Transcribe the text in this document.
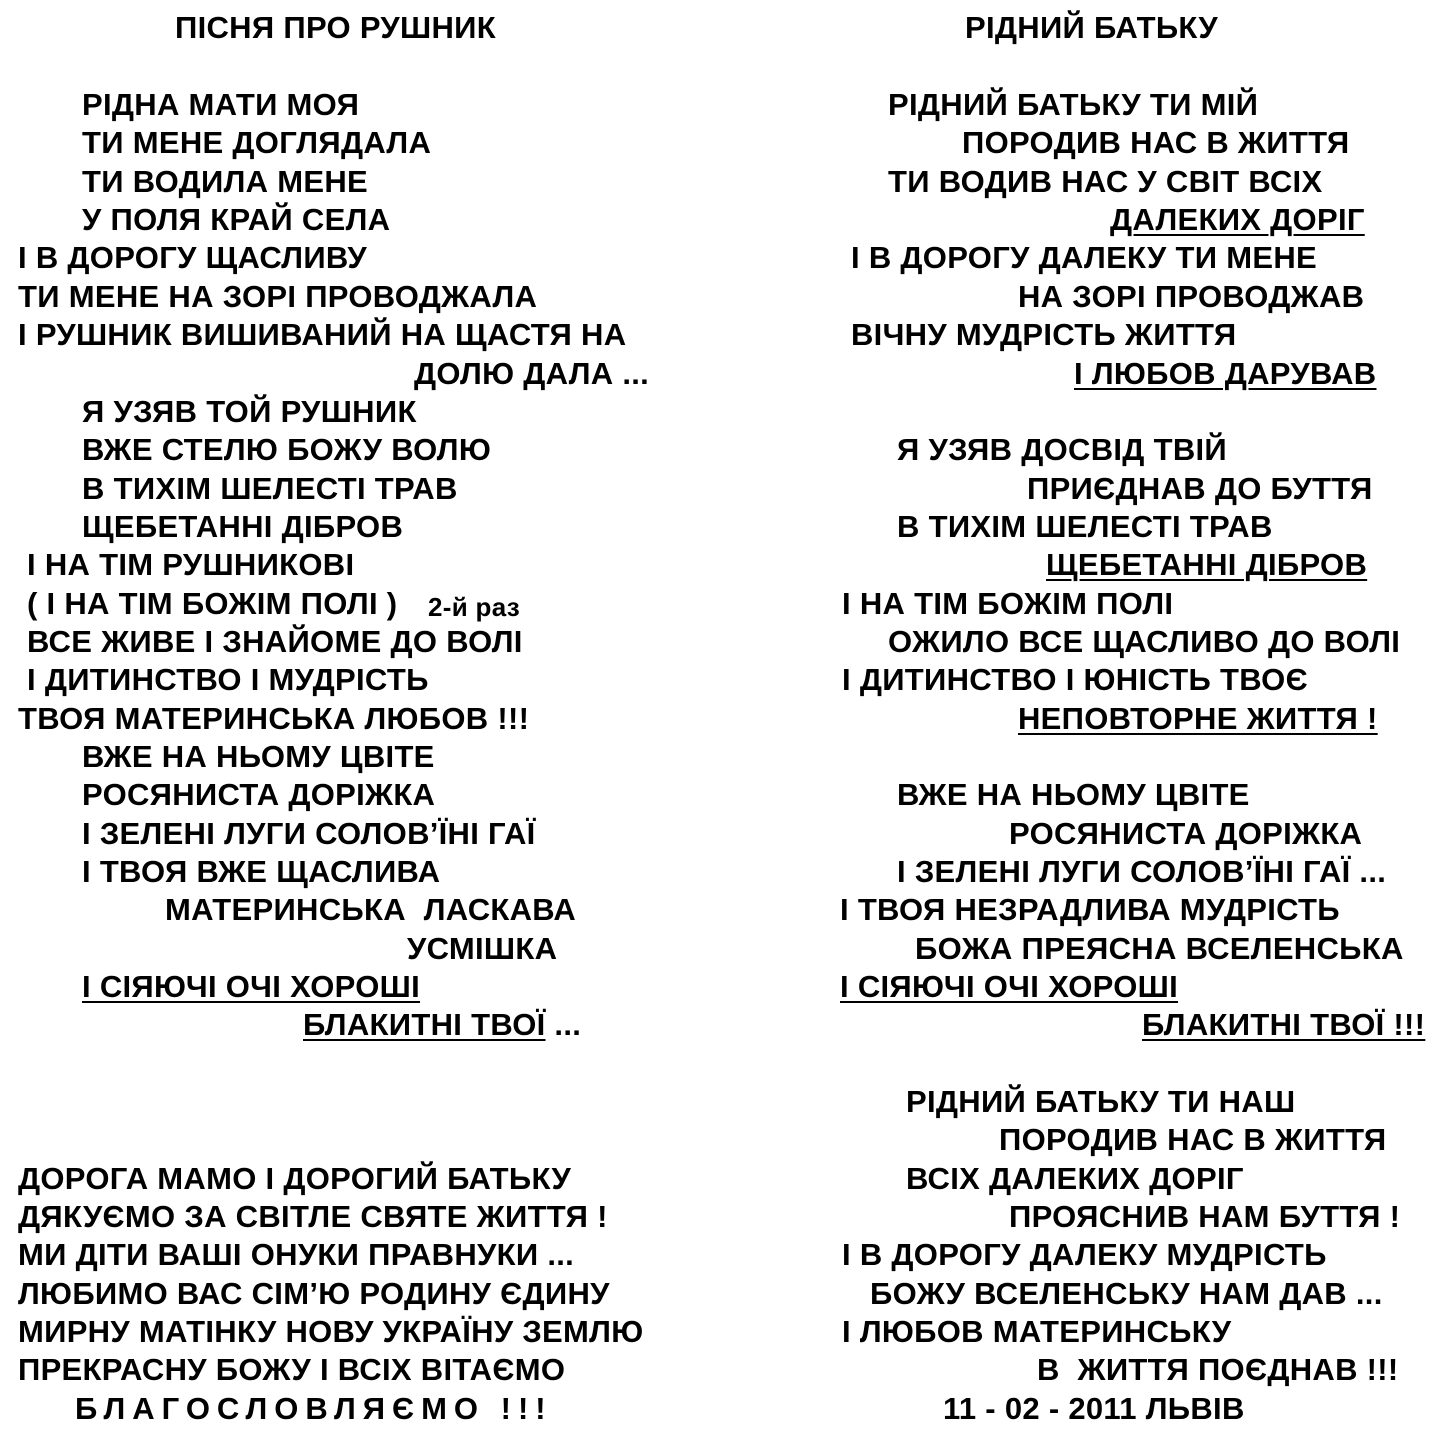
ПІСНЯ ПРО РУШНИК
РІДНА МАТИ МОЯ
ТИ МЕНЕ ДОГЛЯДАЛА
ТИ ВОДИЛА МЕНЕ
У ПОЛЯ КРАЙ СЕЛА
І В ДОРОГУ ЩАСЛИВУ
ТИ МЕНЕ НА ЗОРІ ПРОВОДЖАЛА
І РУШНИК ВИШИВАНИЙ НА ЩАСТЯ НА
ДОЛЮ ДАЛА ...
Я УЗЯВ ТОЙ РУШНИК
ВЖЕ СТЕЛЮ БОЖУ ВОЛЮ
В ТИХІМ ШЕЛЕСТІ ТРАВ
ЩЕБЕТАННІ ДІБРОВ
І НА ТІМ РУШНИКОВІ
( І НА ТІМ БОЖІМ ПОЛІ ) 2-й раз
ВСЕ ЖИВЕ І ЗНАЙОМЕ ДО ВОЛІ
І ДИТИНСТВО І МУДРІСТЬ
ТВОЯ МАТЕРИНСЬКА ЛЮБОВ !!!
ВЖЕ НА НЬОМУ ЦВІТЕ
РОСЯНИСТА ДОРІЖКА
І ЗЕЛЕНІ ЛУГИ СОЛОВ’ЇНІ ГАЇ
І ТВОЯ ВЖЕ ЩАСЛИВА
МАТЕРИНСЬКА  ЛАСКАВА
УСМІШКА
І СІЯЮЧІ ОЧІ ХОРОШІ
БЛАКИТНІ ТВОЇ ...
ДОРОГА МАМО І ДОРОГИЙ БАТЬКУ
ДЯКУЄМО ЗА СВІТЛЕ СВЯТЕ ЖИТТЯ !
МИ ДІТИ ВАШІ ОНУКИ ПРАВНУКИ ...
ЛЮБИМО ВАС СІМ’Ю РОДИНУ ЄДИНУ
МИРНУ МАТІНКУ НОВУ УКРАЇНУ ЗЕМЛЮ
ПРЕКРАСНУ БОЖУ І ВСІХ ВІТАЄМО
БЛАГОСЛОВЛЯЄМО !!!
РІДНИЙ БАТЬКУ
РІДНИЙ БАТЬКУ ТИ МІЙ
ПОРОДИВ НАС В ЖИТТЯ
ТИ ВОДИВ НАС У СВІТ ВСІХ
ДАЛЕКИХ ДОРІГ
І В ДОРОГУ ДАЛЕКУ ТИ МЕНЕ
НА ЗОРІ ПРОВОДЖАВ
ВІЧНУ МУДРІСТЬ ЖИТТЯ
І ЛЮБОВ ДАРУВАВ
Я УЗЯВ ДОСВІД ТВІЙ
ПРИЄДНАВ ДО БУТТЯ
В ТИХІМ ШЕЛЕСТІ ТРАВ
ЩЕБЕТАННІ ДІБРОВ
І НА ТІМ БОЖІМ ПОЛІ
ОЖИЛО ВСЕ ЩАСЛИВО ДО ВОЛІ
І ДИТИНСТВО І ЮНІСТЬ ТВОЄ
НЕПОВТОРНЕ ЖИТТЯ !
ВЖЕ НА НЬОМУ ЦВІТЕ
РОСЯНИСТА ДОРІЖКА
І ЗЕЛЕНІ ЛУГИ СОЛОВ’ЇНІ ГАЇ ...
І ТВОЯ НЕЗРАДЛИВА МУДРІСТЬ
БОЖА ПРЕЯСНА ВСЕЛЕНСЬКА
І СІЯЮЧІ ОЧІ ХОРОШІ
БЛАКИТНІ ТВОЇ !!!
РІДНИЙ БАТЬКУ ТИ НАШ
ПОРОДИВ НАС В ЖИТТЯ
ВСІХ ДАЛЕКИХ ДОРІГ
ПРОЯСНИВ НАМ БУТТЯ !
І В ДОРОГУ ДАЛЕКУ МУДРІСТЬ
БОЖУ ВСЕЛЕНСЬКУ НАМ ДАВ ...
І ЛЮБОВ МАТЕРИНСЬКУ
В  ЖИТТЯ ПОЄДНАВ !!!
11 - 02 - 2011 ЛЬВІВ
